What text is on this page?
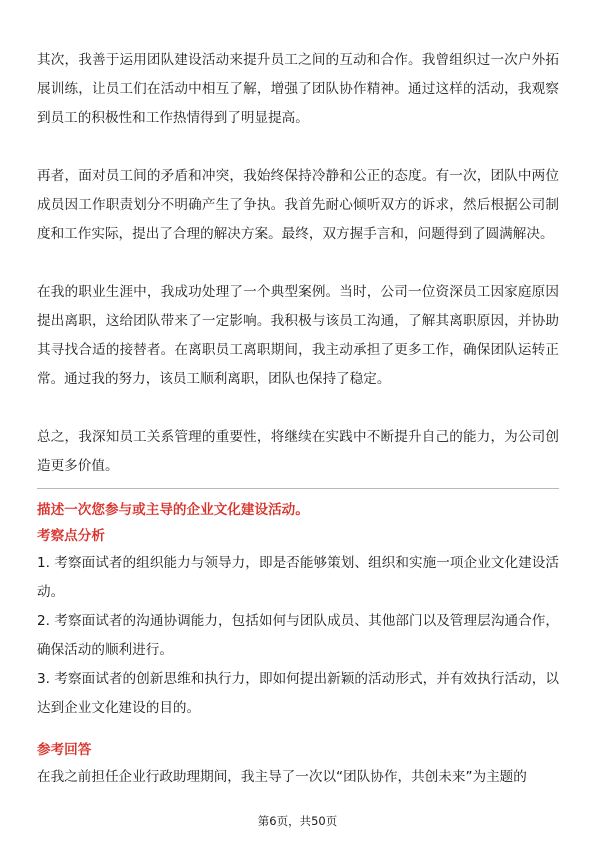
其次，我善于运用团队建设活动来提升员工之间的互动和合作。我曾组织过一次户外拓展训练，让员工们在活动中相互了解，增强了团队协作精神。通过这样的活动，我观察到员工的积极性和工作热情得到了明显提高。

再者，面对员工间的矛盾和冲突，我始终保持冷静和公正的态度。有一次，团队中两位成员因工作职责划分不明确产生了争执。我首先耐心倾听双方的诉求，然后根据公司制度和工作实际，提出了合理的解决方案。最终，双方握手言和，问题得到了圆满解决。

在我的职业生涯中，我成功处理了一个典型案例。当时，公司一位资深员工因家庭原因提出离职，这给团队带来了一定影响。我积极与该员工沟通，了解其离职原因，并协助其寻找合适的接替者。在离职员工离职期间，我主动承担了更多工作，确保团队运转正常。通过我的努力，该员工顺利离职，团队也保持了稳定。

总之，我深知员工关系管理的重要性，将继续在实践中不断提升自己的能力，为公司创造更多价值。

描述一次您参与或主导的企业文化建设活动。

考察点分析

1. 考察面试者的组织能力与领导力，即是否能够策划、组织和实施一项企业文化建设活动。

2. 考察面试者的沟通协调能力，包括如何与团队成员、其他部门以及管理层沟通合作，确保活动的顺利进行。

3. 考察面试者的创新思维和执行力，即如何提出新颖的活动形式，并有效执行活动，以达到企业文化建设的目的。

参考回答

在我之前担任企业行政助理期间，我主导了一次以“团队协作，共创未来”为主题的

第6页，共50页
